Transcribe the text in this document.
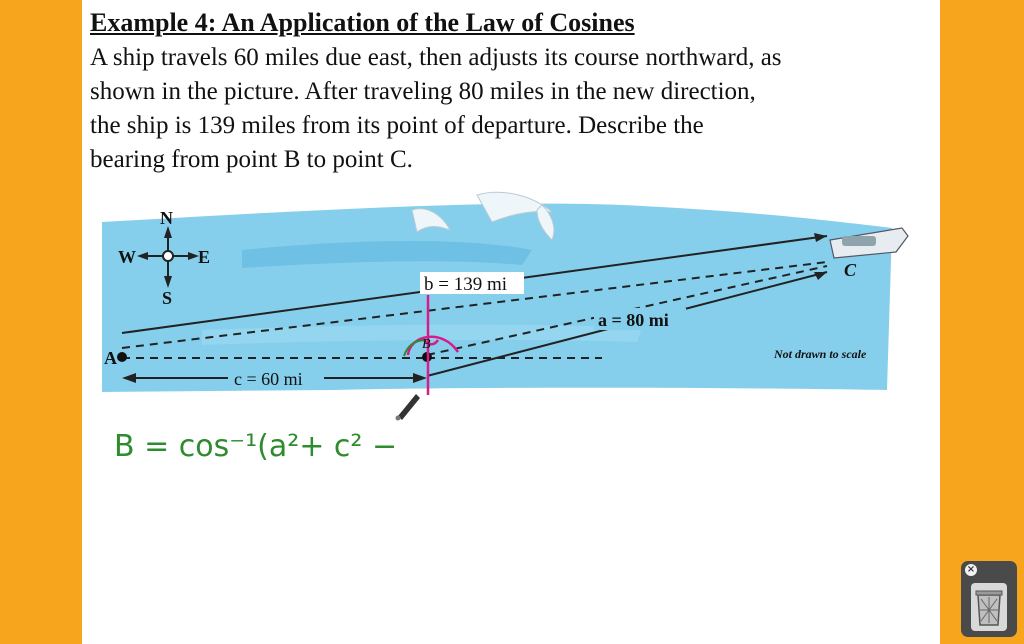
Example 4: An Application of the Law of Cosines
A ship travels 60 miles due east, then adjusts its course northward, as
shown in the picture. After traveling 80 miles in the new direction,
the ship is 139 miles from its point of departure. Describe the
bearing from point B to point C.
N
S
E
W
A
C
b = 139 mi
a = 80 mi
c = 60 mi
Not drawn to scale
B
B = cos⁻¹(a²+ c² −
×
